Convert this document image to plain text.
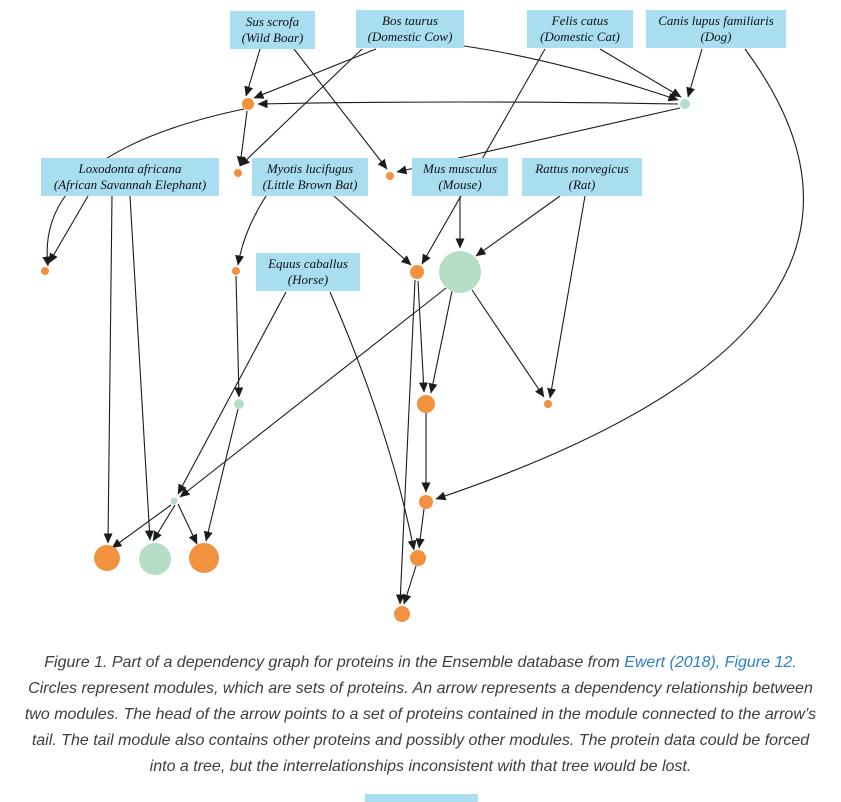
Sus scrofa
(Wild Boar)
Bos taurus
(Domestic Cow)
Felis catus
(Domestic Cat)
Canis lupus familiaris
(Dog)
Loxodonta africana
(African Savannah Elephant)
Myotis lucifugus
(Little Brown Bat)
Mus musculus
(Mouse)
Rattus norvegicus
(Rat)
Equus caballus
(Horse)

Figure 1. Part of a dependency graph for proteins in the Ensemble database from Ewert (2018), Figure 12. Circles represent modules, which are sets of proteins. An arrow represents a dependency relationship between two modules. The head of the arrow points to a set of proteins contained in the module connected to the arrow’s tail. The tail module also contains other proteins and possibly other modules. The protein data could be forced into a tree, but the interrelationships inconsistent with that tree would be lost.
